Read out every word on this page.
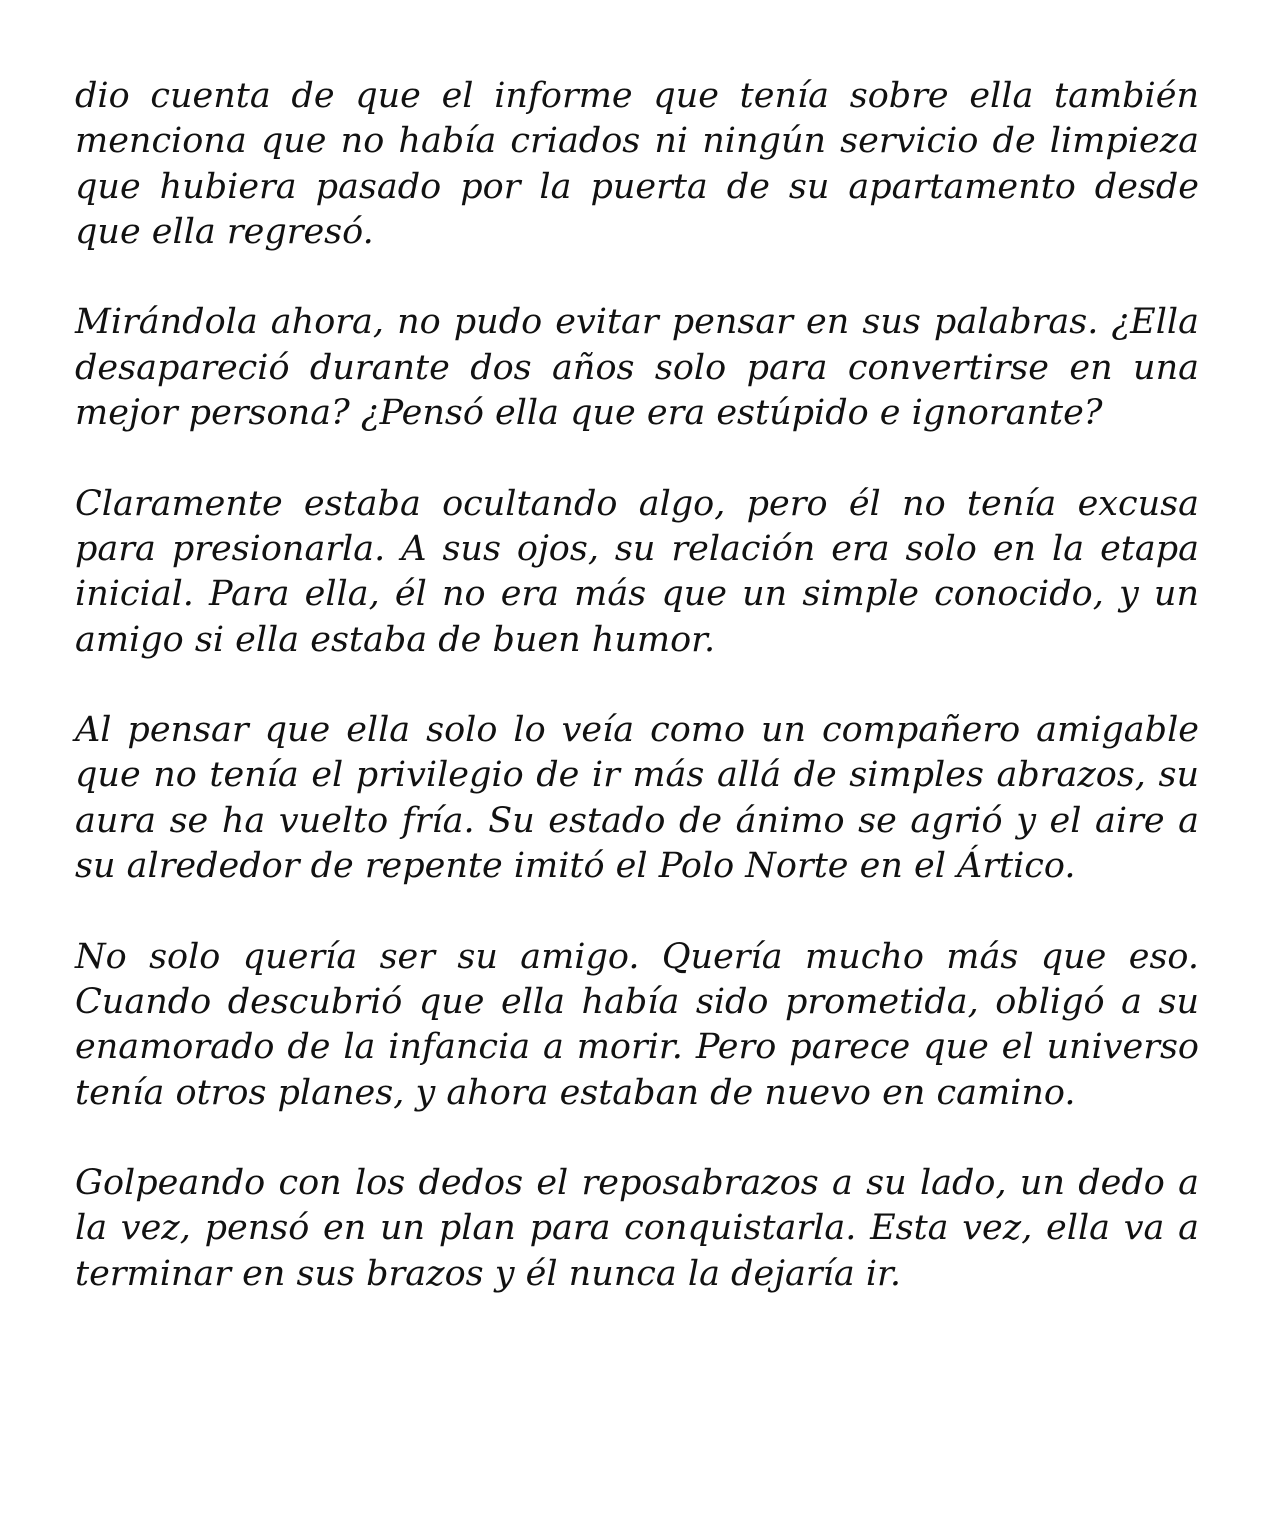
dio cuenta de que el informe que tenía sobre ella también menciona que no había criados ni ningún servicio de limpieza que hubiera pasado por la puerta de su apartamento desde que ella regresó.

Mirándola ahora, no pudo evitar pensar en sus palabras. ¿Ella desapareció durante dos años solo para convertirse en una mejor persona? ¿Pensó ella que era estúpido e ignorante?

Claramente estaba ocultando algo, pero él no tenía excusa para presionarla. A sus ojos, su relación era solo en la etapa inicial. Para ella, él no era más que un simple conocido, y un amigo si ella estaba de buen humor.

Al pensar que ella solo lo veía como un compañero amigable que no tenía el privilegio de ir más allá de simples abrazos, su aura se ha vuelto fría. Su estado de ánimo se agrió y el aire a su alrededor de repente imitó el Polo Norte en el Ártico.

No solo quería ser su amigo. Quería mucho más que eso. Cuando descubrió que ella había sido prometida, obligó a su enamorado de la infancia a morir. Pero parece que el universo tenía otros planes, y ahora estaban de nuevo en camino.

Golpeando con los dedos el reposabrazos a su lado, un dedo a la vez, pensó en un plan para conquistarla. Esta vez, ella va a terminar en sus brazos y él nunca la dejaría ir.
